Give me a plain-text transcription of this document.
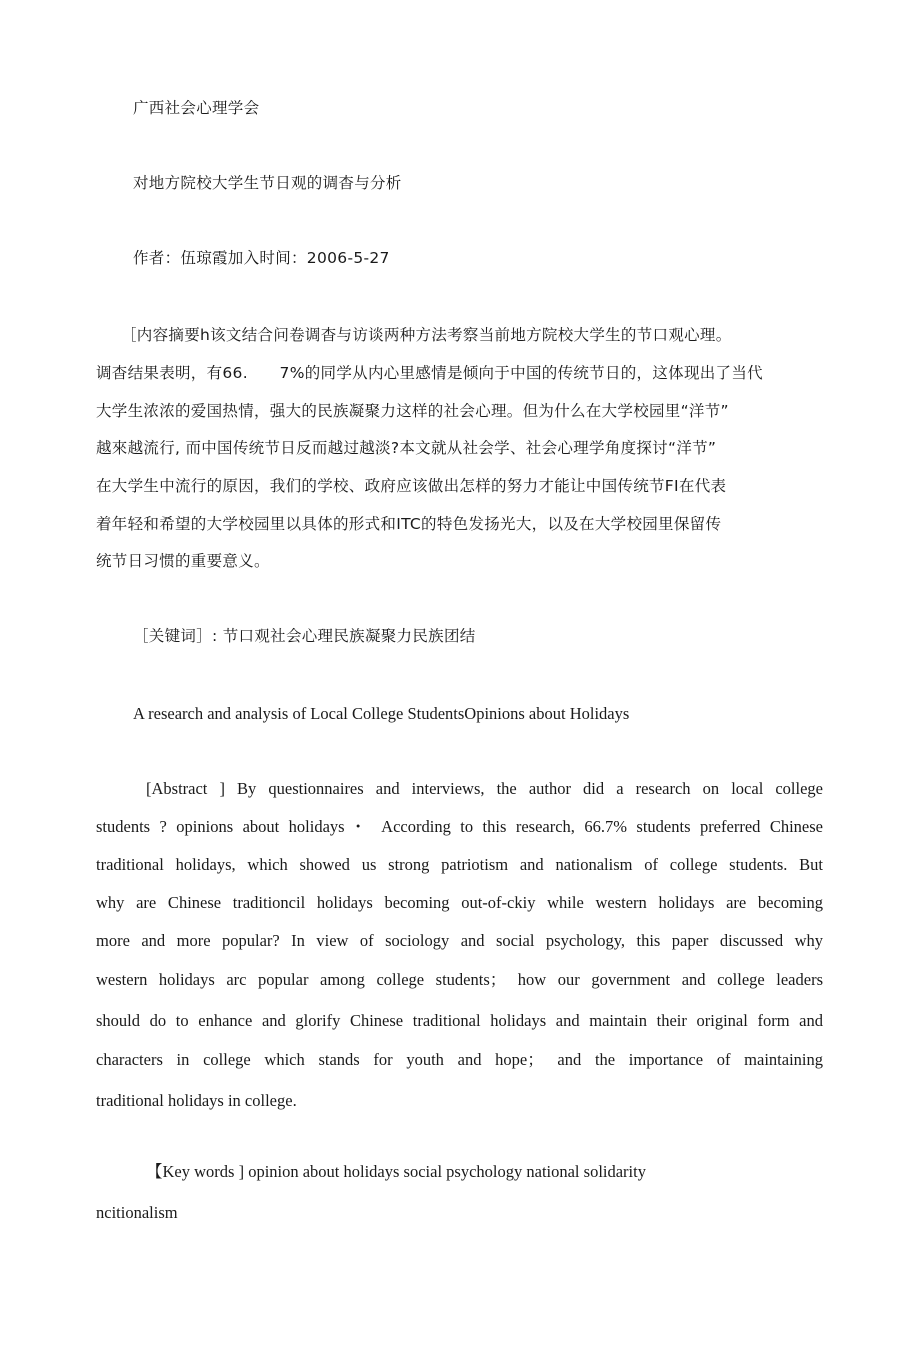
广西社会心理学会
对地方院校大学生节日观的调杳与分析
作者：伍琼霞加入时间：2006-5-27
［内容摘要h该文结合问卷调杳与访谈两种方法考察当前地方院校大学生的节口观心理。
调杳结果表明，有66.　　7%的同学从内心里感情是倾向于中国的传统节日的，这体现出了当代
大学生浓浓的爱国热情，强大的民族凝聚力这样的社会心理。但为什么在大学校园里“洋节”
越來越流行, 而中国传统节日反而越过越淡?本文就从社会学、社会心理学角度探讨“洋节”
在大学生中流行的原因，我们的学校、政府应该做出怎样的努力才能让中国传统节FI在代表
着年轻和希望的大学校园里以具体的形式和ITC的特色发扬光大，以及在大学校园里保留传
统节日习惯的重要意义。
［关键词］: 节口观社会心理民族凝聚力民族团结
A research and analysis of Local College StudentsOpinions about Holidays
[Abstract ] By questionnaires and interviews, the author did a research on local college
students ? opinions about holidays・ According to this research, 66.7% students preferred Chinese
traditional holidays, which showed us strong patriotism and nationalism of college students. But
why are Chinese traditioncil holidays becoming out-of-ckiy while western holidays are becoming
more and more popular? In view of sociology and social psychology, this paper discussed why
western holidays arc popular among college students； how our government and college leaders
should do to enhance and glorify Chinese traditional holidays and maintain their original form and
characters in college which stands for youth and hope； and the importance of maintaining
traditional holidays in college.
【Key words ] opinion about holidays social psychology national solidarity
ncitionalism
